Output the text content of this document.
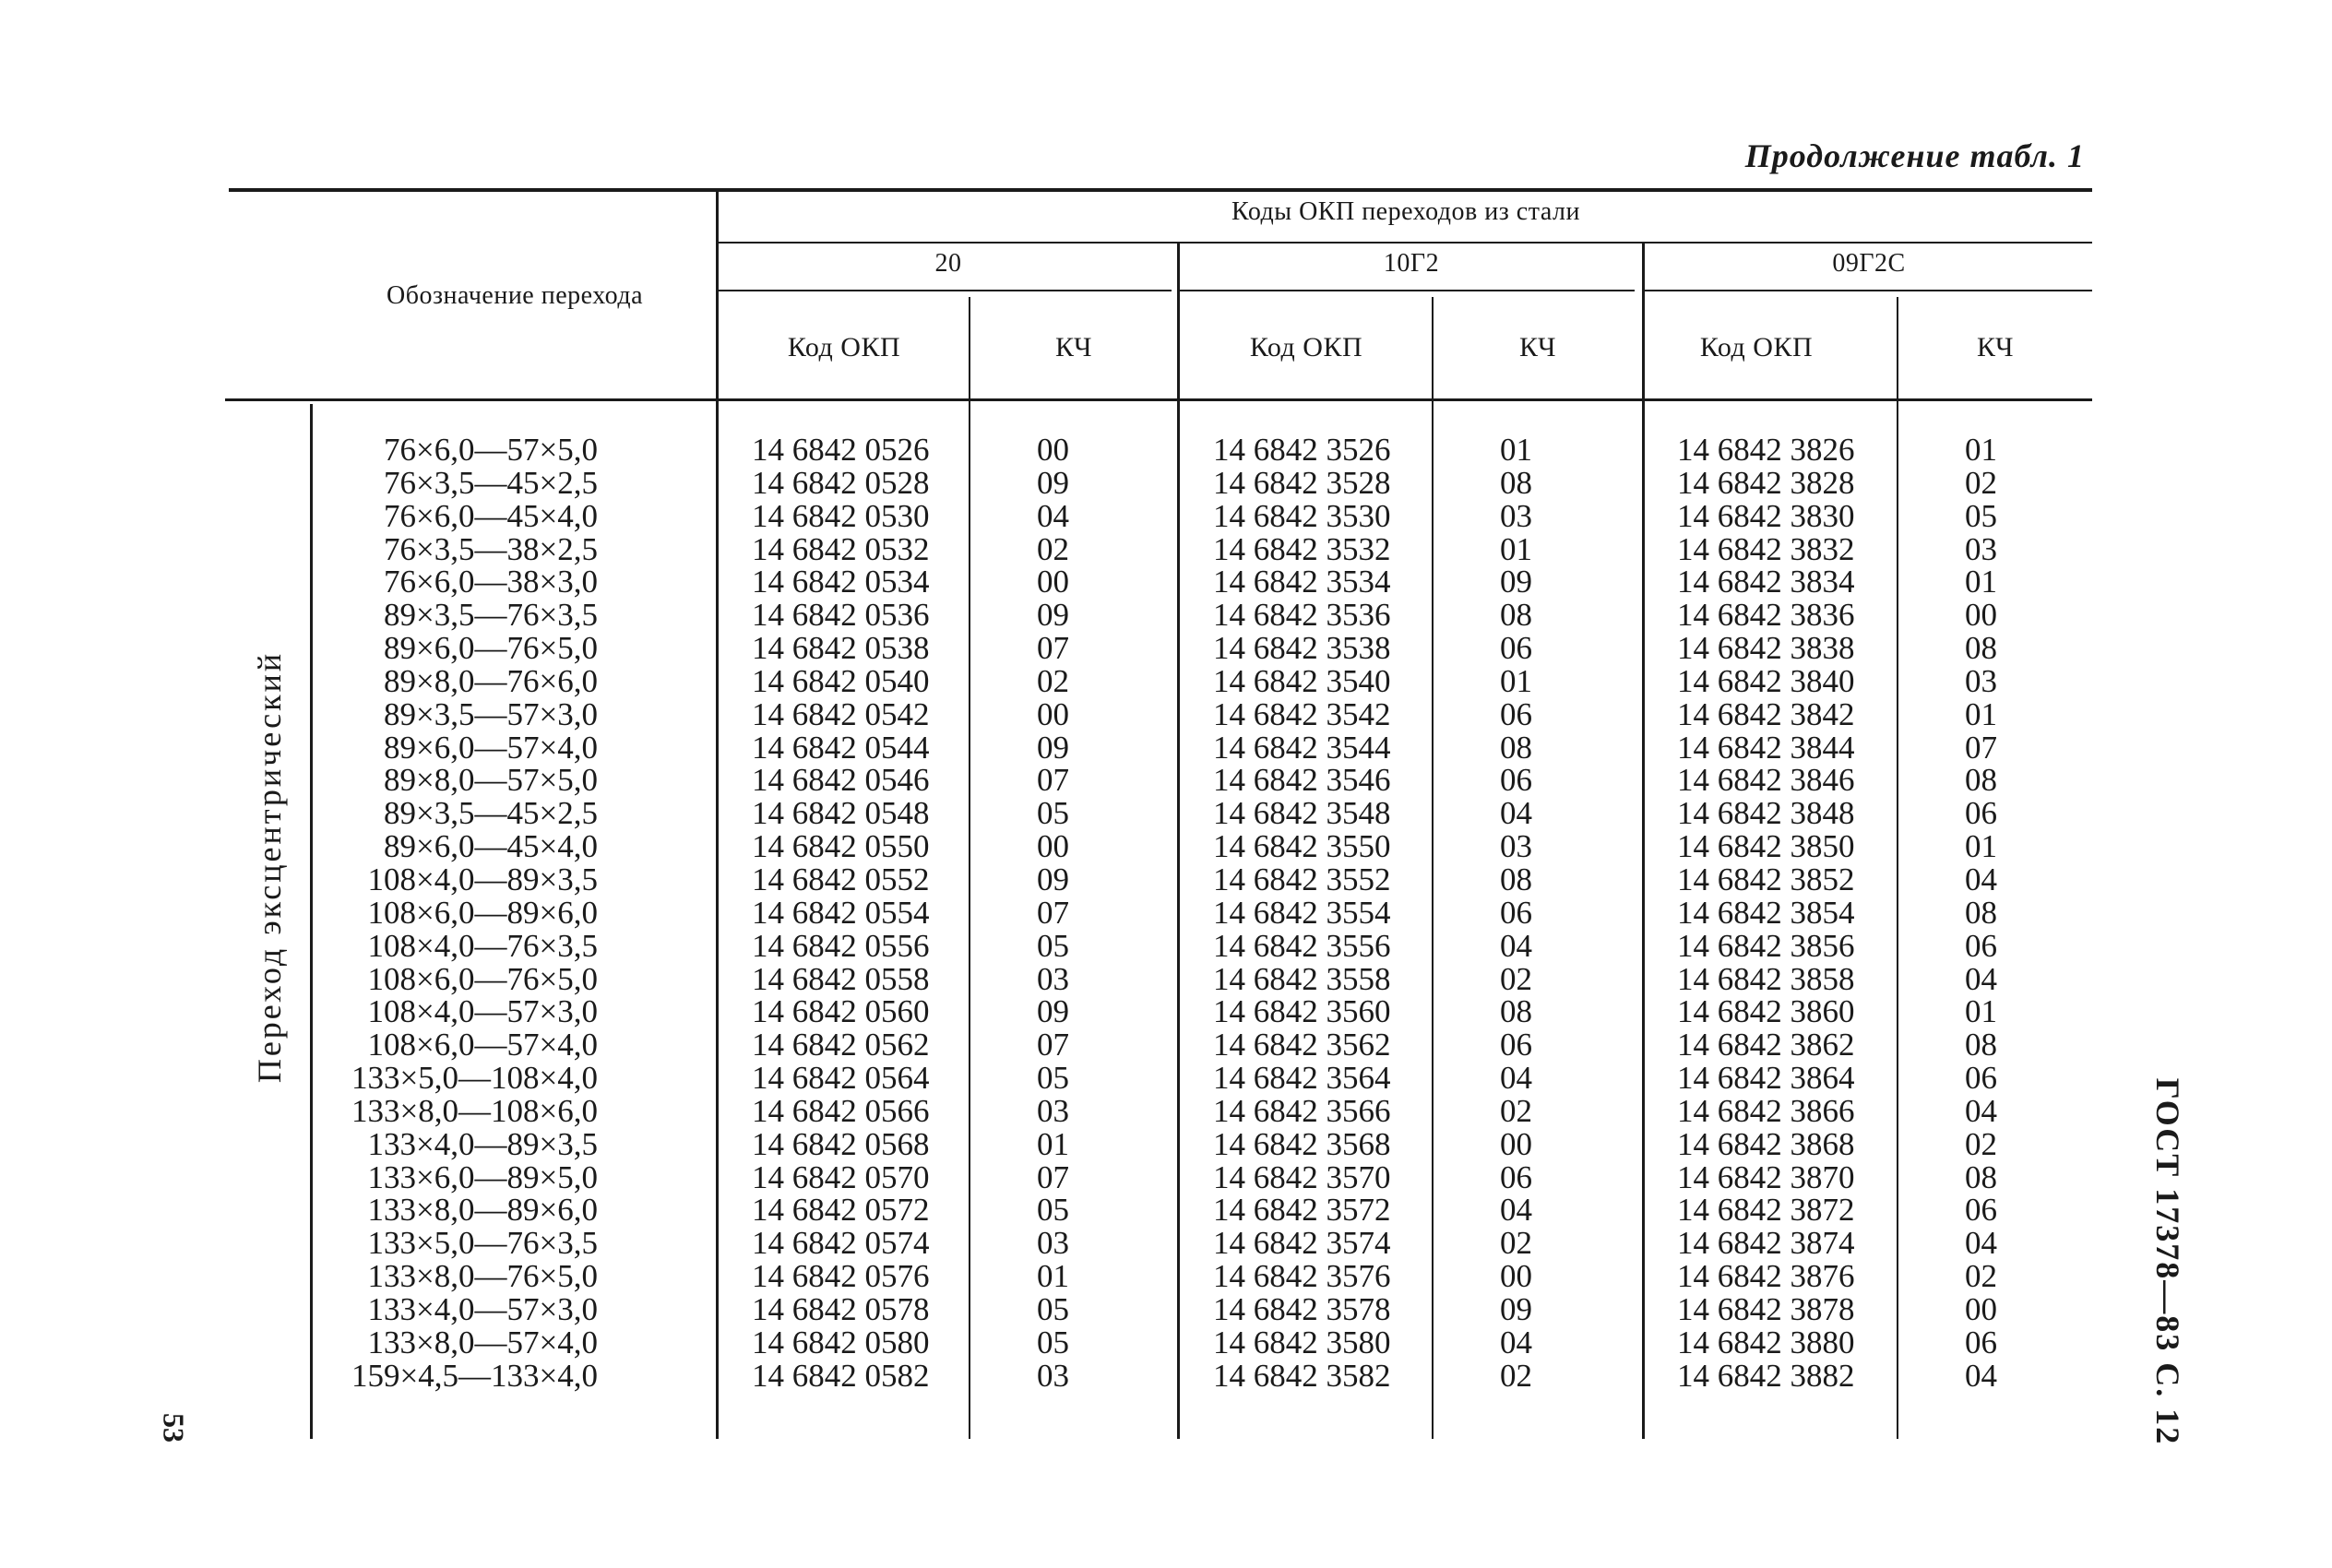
Продолжение табл. 1
Обозначение перехода
Коды ОКП переходов из стали
20	10Г2	09Г2С
Код ОКП	КЧ	Код ОКП	КЧ	Код ОКП	КЧ
Переход эксцентрический
53	ГОСТ 17378—83 С. 12
76×6,0—57×5,0	14 6842 0526	00	14 6842 3526	01	14 6842 3826	01
76×3,5—45×2,5	14 6842 0528	09	14 6842 3528	08	14 6842 3828	02
76×6,0—45×4,0	14 6842 0530	04	14 6842 3530	03	14 6842 3830	05
76×3,5—38×2,5	14 6842 0532	02	14 6842 3532	01	14 6842 3832	03
76×6,0—38×3,0	14 6842 0534	00	14 6842 3534	09	14 6842 3834	01
89×3,5—76×3,5	14 6842 0536	09	14 6842 3536	08	14 6842 3836	00
89×6,0—76×5,0	14 6842 0538	07	14 6842 3538	06	14 6842 3838	08
89×8,0—76×6,0	14 6842 0540	02	14 6842 3540	01	14 6842 3840	03
89×3,5—57×3,0	14 6842 0542	00	14 6842 3542	06	14 6842 3842	01
89×6,0—57×4,0	14 6842 0544	09	14 6842 3544	08	14 6842 3844	07
89×8,0—57×5,0	14 6842 0546	07	14 6842 3546	06	14 6842 3846	08
89×3,5—45×2,5	14 6842 0548	05	14 6842 3548	04	14 6842 3848	06
89×6,0—45×4,0	14 6842 0550	00	14 6842 3550	03	14 6842 3850	01
108×4,0—89×3,5	14 6842 0552	09	14 6842 3552	08	14 6842 3852	04
108×6,0—89×6,0	14 6842 0554	07	14 6842 3554	06	14 6842 3854	08
108×4,0—76×3,5	14 6842 0556	05	14 6842 3556	04	14 6842 3856	06
108×6,0—76×5,0	14 6842 0558	03	14 6842 3558	02	14 6842 3858	04
108×4,0—57×3,0	14 6842 0560	09	14 6842 3560	08	14 6842 3860	01
108×6,0—57×4,0	14 6842 0562	07	14 6842 3562	06	14 6842 3862	08
133×5,0—108×4,0	14 6842 0564	05	14 6842 3564	04	14 6842 3864	06
133×8,0—108×6,0	14 6842 0566	03	14 6842 3566	02	14 6842 3866	04
133×4,0—89×3,5	14 6842 0568	01	14 6842 3568	00	14 6842 3868	02
133×6,0—89×5,0	14 6842 0570	07	14 6842 3570	06	14 6842 3870	08
133×8,0—89×6,0	14 6842 0572	05	14 6842 3572	04	14 6842 3872	06
133×5,0—76×3,5	14 6842 0574	03	14 6842 3574	02	14 6842 3874	04
133×8,0—76×5,0	14 6842 0576	01	14 6842 3576	00	14 6842 3876	02
133×4,0—57×3,0	14 6842 0578	05	14 6842 3578	09	14 6842 3878	00
133×8,0—57×4,0	14 6842 0580	05	14 6842 3580	04	14 6842 3880	06
159×4,5—133×4,0	14 6842 0582	03	14 6842 3582	02	14 6842 3882	04
